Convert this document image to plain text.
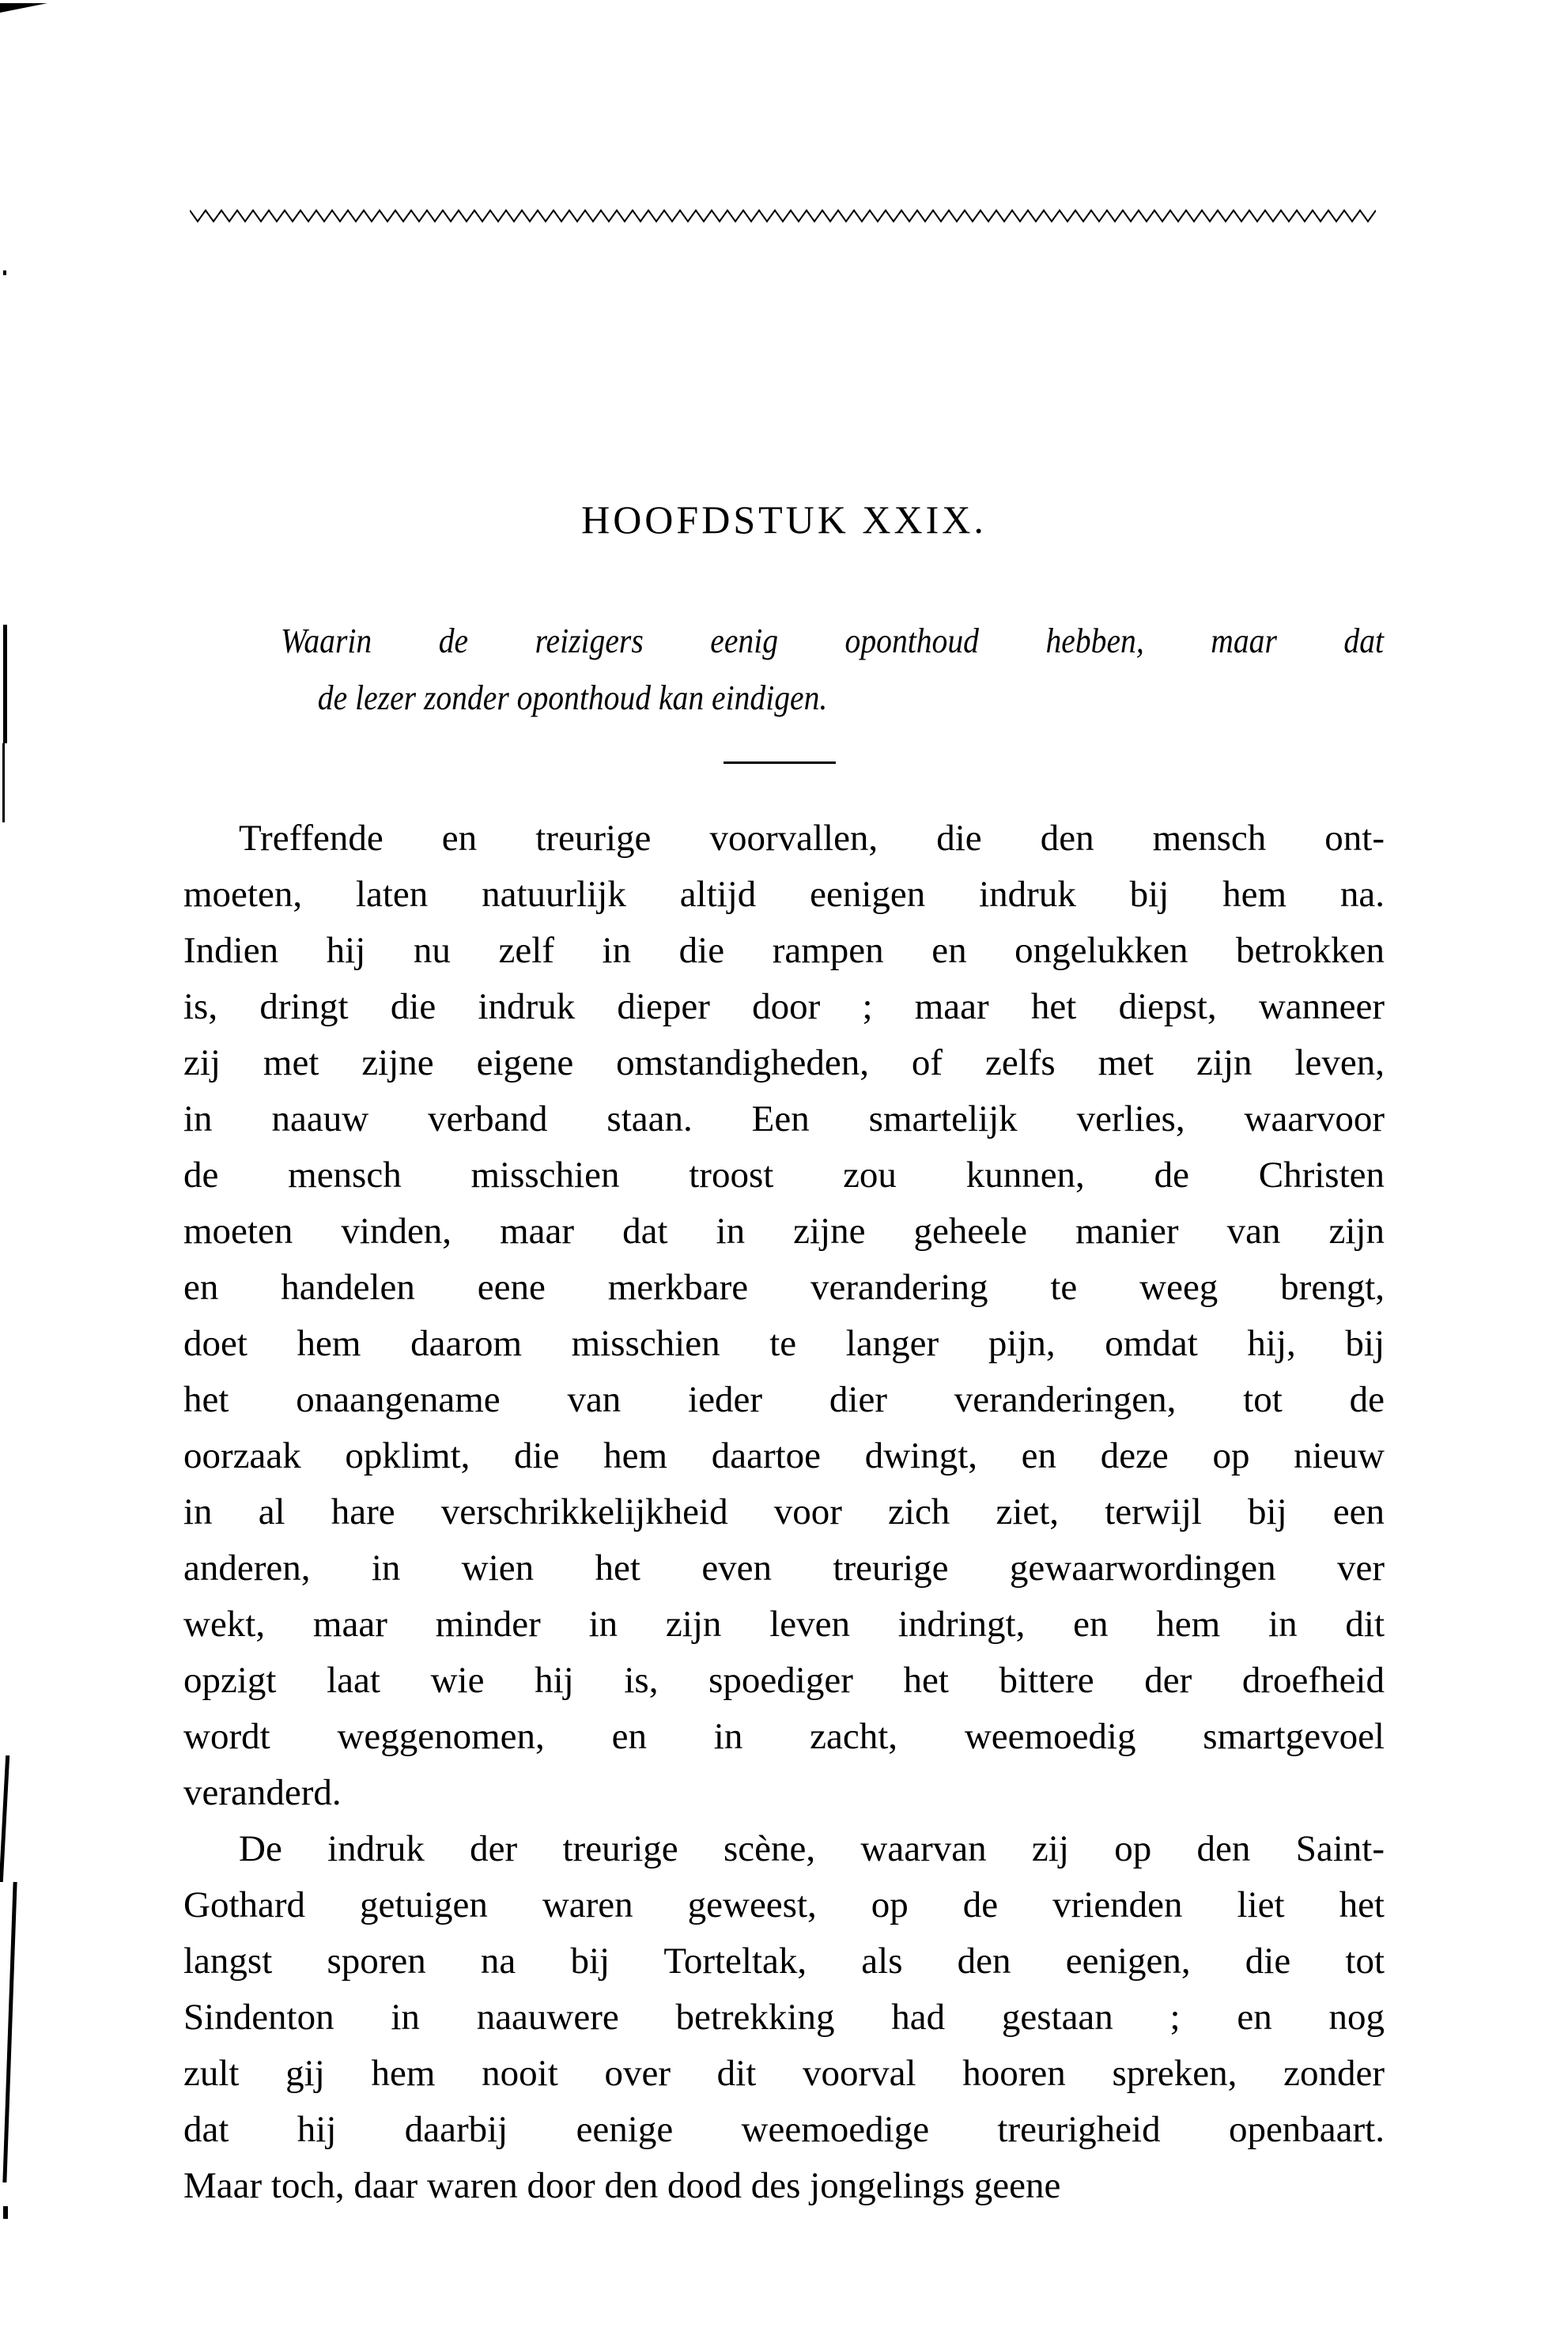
HOOFDSTUK XXIX.
Waarin de reizigers eenig oponthoud hebben, maar dat
de lezer zonder oponthoud kan eindigen.
Treffende en treurige voorvallen, die den mensch ont-
moeten, laten natuurlijk altijd eenigen indruk bij hem na.
Indien hij nu zelf in die rampen en ongelukken betrokken
is, dringt die indruk dieper door ; maar het diepst, wanneer
zij met zijne eigene omstandigheden, of zelfs met zijn leven,
in naauw verband staan. Een smartelijk verlies, waarvoor
de mensch misschien troost zou kunnen, de Christen
moeten vinden, maar dat in zijne geheele manier van zijn
en handelen eene merkbare verandering te weeg brengt,
doet hem daarom misschien te langer pijn, omdat hij, bij
het onaangename van ieder dier veranderingen, tot de
oorzaak opklimt, die hem daartoe dwingt, en deze op nieuw
in al hare verschrikkelijkheid voor zich ziet, terwijl bij een
anderen, in wien het even treurige gewaarwordingen ver
wekt, maar minder in zijn leven indringt, en hem in dit
opzigt laat wie hij is, spoediger het bittere der droefheid
wordt weggenomen, en in zacht, weemoedig smartgevoel
veranderd.
De indruk der treurige scène, waarvan zij op den Saint-
Gothard getuigen waren geweest, op de vrienden liet het
langst sporen na bij Torteltak, als den eenigen, die tot
Sindenton in naauwere betrekking had gestaan ; en nog
zult gij hem nooit over dit voorval hooren spreken, zonder
dat hij daarbij eenige weemoedige treurigheid openbaart.
Maar toch, daar waren door den dood des jongelings geene
